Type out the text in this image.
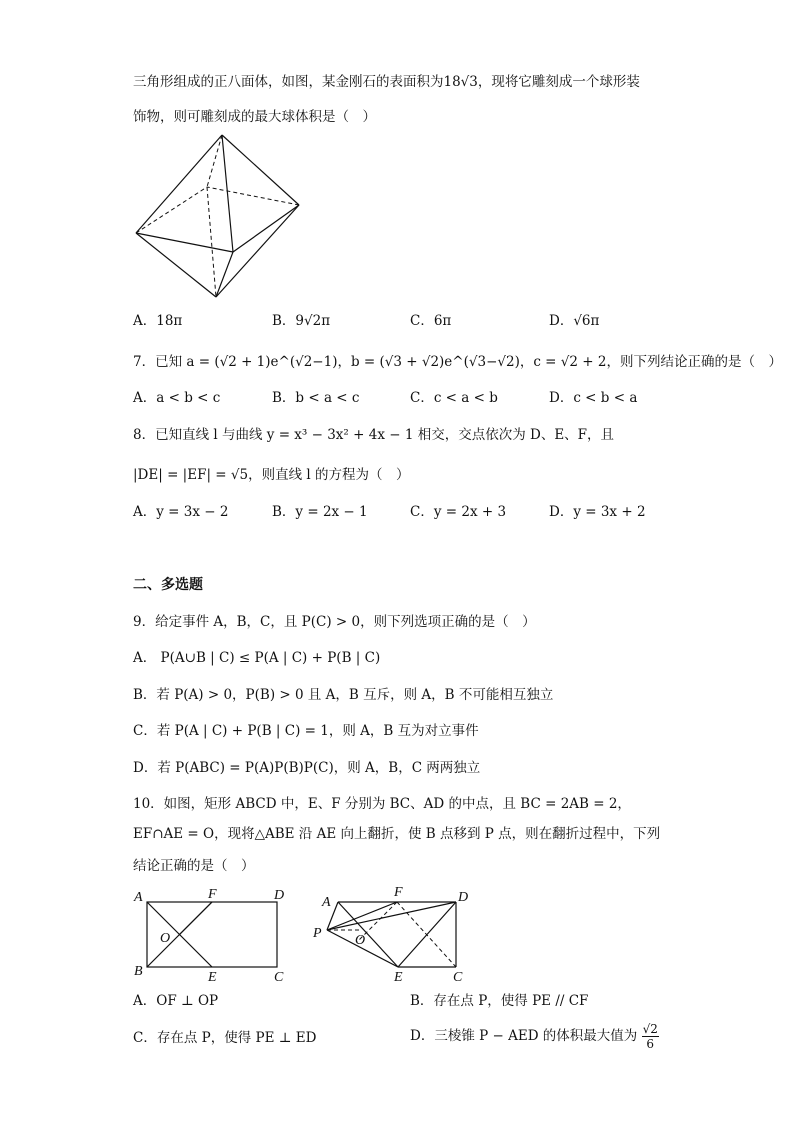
三角形组成的正八面体，如图，某金刚石的表面积为18√3，现将它雕刻成一个球形装
饰物，则可雕刻成的最大球体积是（　）
A．18π	B．9√2π	C．6π	D．√6π
7．已知 a = (√2 + 1)e^(√2−1)，b = (√3 + √2)e^(√3−√2)，c = √2 + 2，则下列结论正确的是（　）
A．a < b < c	B．b < a < c	C．c < a < b	D．c < b < a
8．已知直线 l 与曲线 y = x³ − 3x² + 4x − 1 相交，交点依次为 D、E、F，且
|DE| = |EF| = √5，则直线 l 的方程为（　）
A．y = 3x − 2	B．y = 2x − 1	C．y = 2x + 3	D．y = 3x + 2
二、多选题
9．给定事件 A，B，C，且 P(C) > 0，则下列选项正确的是（　）
A． P(A∪B | C) ≤ P(A | C) + P(B | C)
B．若 P(A) > 0，P(B) > 0 且 A，B 互斥，则 A，B 不可能相互独立
C．若 P(A | C) + P(B | C) = 1，则 A，B 互为对立事件
D．若 P(ABC) = P(A)P(B)P(C)，则 A，B，C 两两独立
10．如图，矩形 ABCD 中，E、F 分别为 BC、AD 的中点，且 BC = 2AB = 2，
EF∩AE = O，现将△ABE 沿 AE 向上翻折，使 B 点移到 P 点，则在翻折过程中，下列
结论正确的是（　）
A	F	D
O
B	E	C
A
F	D
P O
E	C
A．OF ⊥ OP	B．存在点 P，使得 PE // CF
C．存在点 P，使得 PE ⊥ ED	D．三棱锥 P − AED 的体积最大值为 $\frac{√2}{6}$
